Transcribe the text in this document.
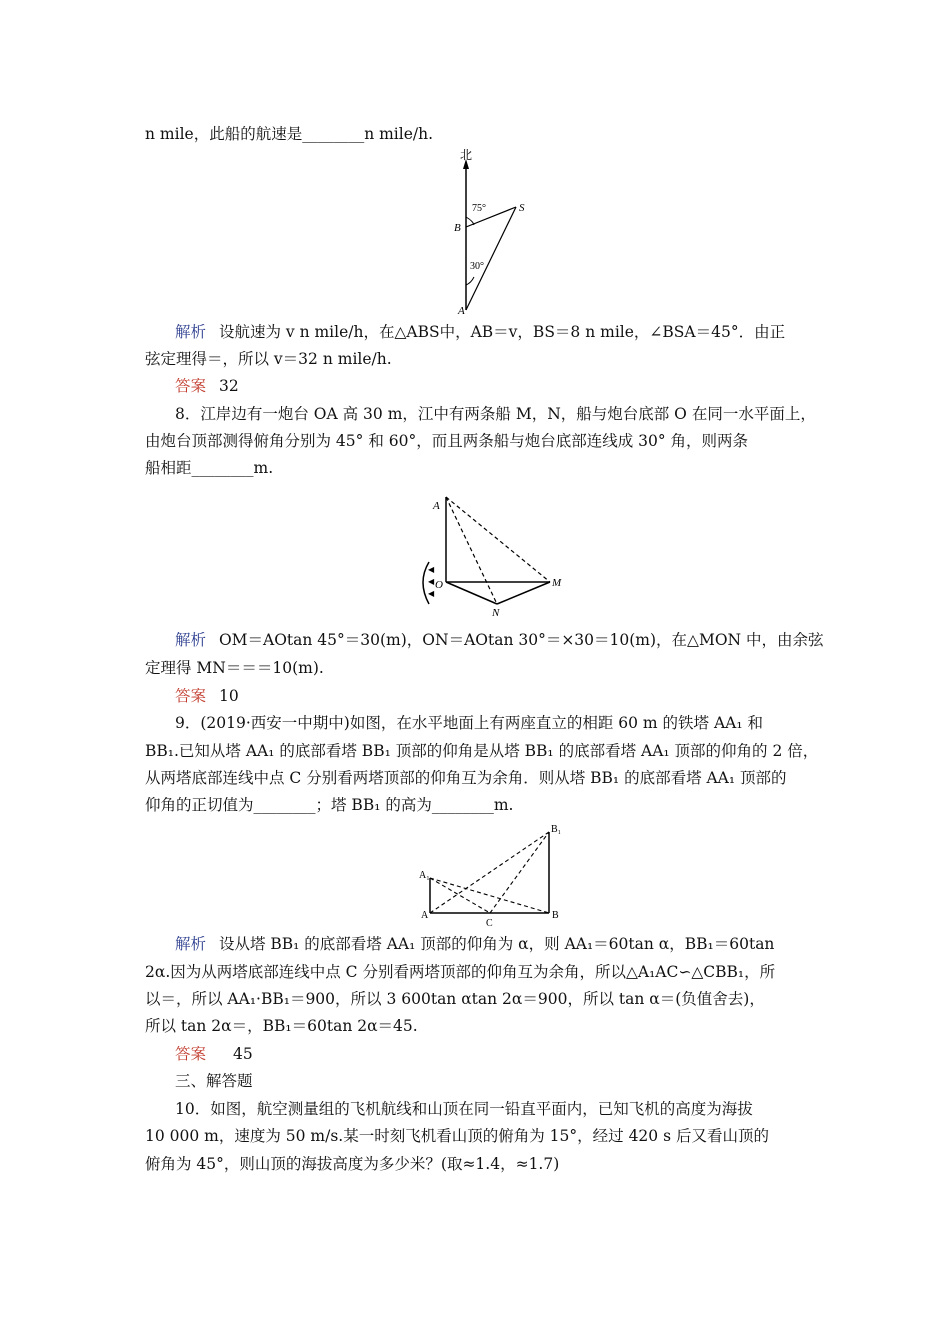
n mile，此船的航速是________n mile/h.
北
B
S
A
75°
30°
解析 设航速为 v n mile/h，在△ABS中，AB＝v，BS＝8 n mile，∠BSA＝45°．由正
弦定理得＝，所以 v＝32 n mile/h.
答案 32
8．江岸边有一炮台 OA 高 30 m，江中有两条船 M，N，船与炮台底部 O 在同一水平面上，
由炮台顶部测得俯角分别为 45° 和 60°，而且两条船与炮台底部连线成 30° 角，则两条
船相距________m.
◀
◀
◀
A
O	M
N
解析 OM＝AOtan 45°＝30(m)，ON＝AOtan 30°＝×30＝10(m)，在△MON 中，由余弦
定理得 MN＝＝＝10(m).
答案 10
9．(2019·西安一中期中)如图，在水平地面上有两座直立的相距 60 m 的铁塔 AA₁ 和
BB₁.已知从塔 AA₁ 的底部看塔 BB₁ 顶部的仰角是从塔 BB₁ 的底部看塔 AA₁ 顶部的仰角的 2 倍，
从两塔底部连线中点 C 分别看两塔顶部的仰角互为余角．则从塔 BB₁ 的底部看塔 AA₁ 顶部的
仰角的正切值为________；塔 BB₁ 的高为________m.
A₁
A
C
B
B₁
解析 设从塔 BB₁ 的底部看塔 AA₁ 顶部的仰角为 α，则 AA₁＝60tan α，BB₁＝60tan
2α.因为从两塔底部连线中点 C 分别看两塔顶部的仰角互为余角，所以△A₁AC∽△CBB₁，所
以＝，所以 AA₁·BB₁＝900，所以 3 600tan αtan 2α＝900，所以 tan α＝(负值舍去)，
所以 tan 2α＝，BB₁＝60tan 2α＝45.
答案 45
三、解答题
10．如图，航空测量组的飞机航线和山顶在同一铅直平面内，已知飞机的高度为海拔
10 000 m，速度为 50 m/s.某一时刻飞机看山顶的俯角为 15°，经过 420 s 后又看山顶的
俯角为 45°，则山顶的海拔高度为多少米？(取≈1.4，≈1.7)
